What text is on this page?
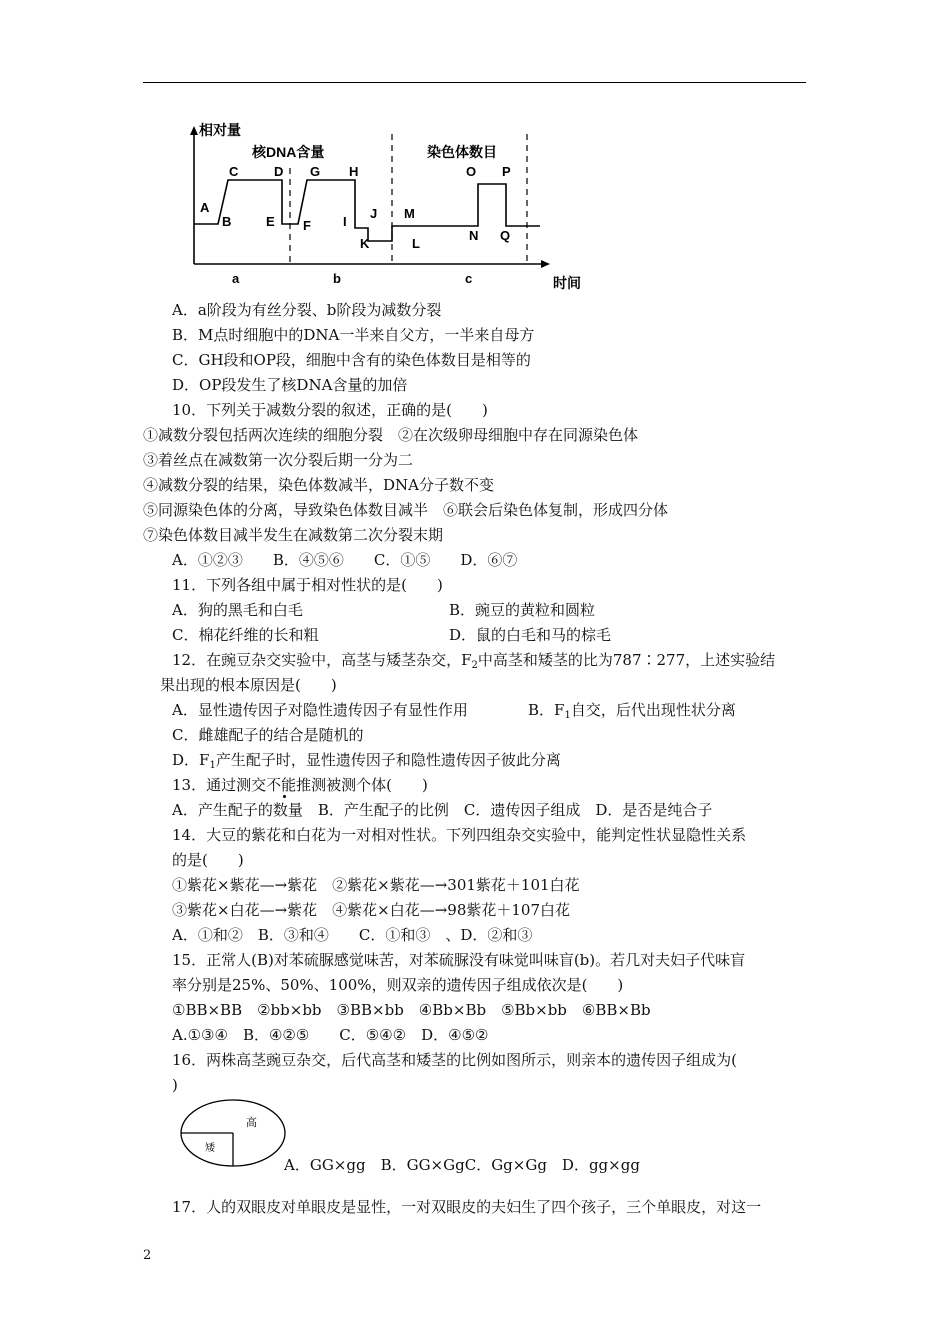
相对量
核DNA含量	染色体数目
时间
A
B
C	D
E F
G H
I
J
K	L
M
N
O P
Q
a	b	c
A．a阶段为有丝分裂、b阶段为减数分裂
B．M点时细胞中的DNA一半来自父方，一半来自母方
C．GH段和OP段，细胞中含有的染色体数目是相等的
D．OP段发生了核DNA含量的加倍
10．下列关于减数分裂的叙述，正确的是(　　)
①减数分裂包括两次连续的细胞分裂　②在次级卵母细胞中存在同源染色体
③着丝点在减数第一次分裂后期一分为二
④减数分裂的结果，染色体数减半，DNA分子数不变
⑤同源染色体的分离，导致染色体数目减半　⑥联会后染色体复制，形成四分体
⑦染色体数目减半发生在减数第二次分裂末期
A．①②③　　B．④⑤⑥　　C．①⑤　　D．⑥⑦
11．下列各组中属于相对性状的是(　　)
A．狗的黑毛和白毛	B．豌豆的黄粒和圆粒
C．棉花纤维的长和粗	D．鼠的白毛和马的棕毛
12．在豌豆杂交实验中，高茎与矮茎杂交，$F_2$中高茎和矮茎的比为787∶277，上述实验结
果出现的根本原因是(　　)
A．显性遗传因子对隐性遗传因子有显性作用	B．$F_1$自交，后代出现性状分离
C．雌雄配子的结合是随机的
D．$F_1$产生配子时，显性遗传因子和隐性遗传因子彼此分离
13．通过测交不能推测被测个体(　　)
A．产生配子的数量　B．产生配子的比例　C．遗传因子组成　D．是否是纯合子
14．大豆的紫花和白花为一对相对性状。下列四组杂交实验中，能判定性状显隐性关系
的是(　　)
①紫花×紫花—→紫花　②紫花×紫花—→301紫花＋101白花
③紫花×白花—→紫花　④紫花×白花—→98紫花＋107白花
A．①和②　B．③和④　　C．①和③　、D．②和③
15．正常人(B)对苯硫脲感觉味苦，对苯硫脲没有味觉叫味盲(b)。若几对夫妇子代味盲
率分别是25%、50%、100%，则双亲的遗传因子组成依次是(　　)
①BB×BB　②bb×bb　③BB×bb　④Bb×Bb　⑤Bb×bb　⑥BB×Bb
A.①③④　B．④②⑤　　C．⑤④②　D．④⑤②
16．两株高茎豌豆杂交，后代高茎和矮茎的比例如图所示，则亲本的遗传因子组成为(
)
高
矮
A．GG×gg　B．GG×GgC．Gg×Gg　D．gg×gg
17．人的双眼皮对单眼皮是显性，一对双眼皮的夫妇生了四个孩子，三个单眼皮，对这一
2
